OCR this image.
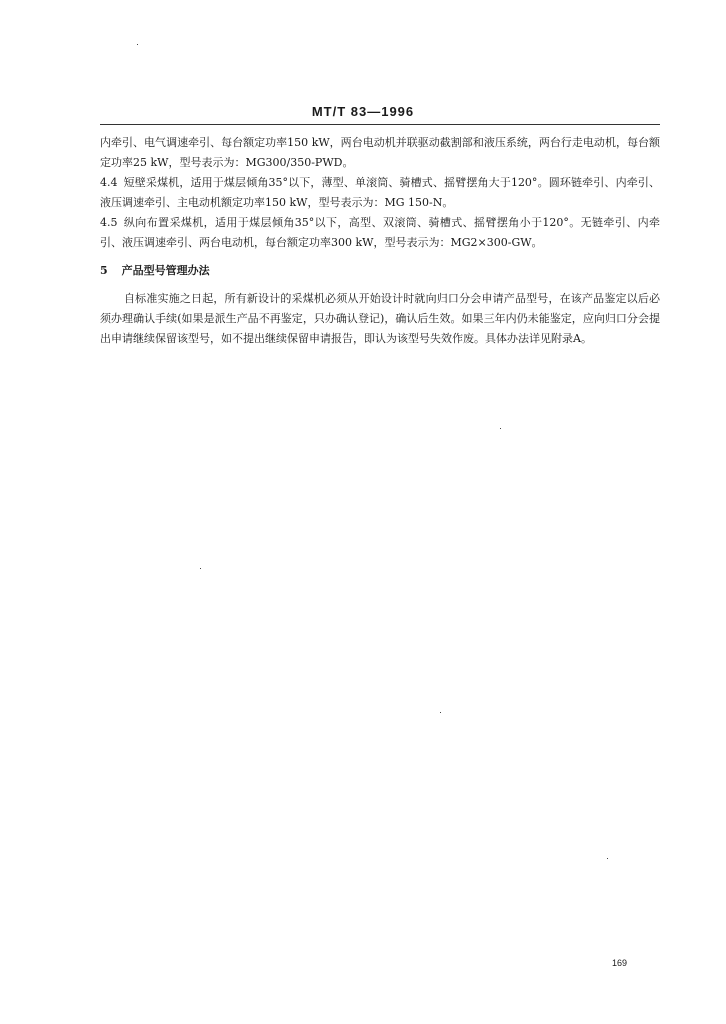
MT/T 83—1996

内牵引、电气调速牵引、每台额定功率150 kW，两台电动机并联驱动截割部和液压系统，两台行走电动机，每台额定功率25 kW，型号表示为：MG300/350-PWD。

4.4 短壁采煤机，适用于煤层倾角35°以下，薄型、单滚筒、骑槽式、摇臂摆角大于120°。圆环链牵引、内牵引、液压调速牵引、主电动机额定功率150 kW，型号表示为：MG 150-N。

4.5 纵向布置采煤机，适用于煤层倾角35°以下，高型、双滚筒、骑槽式、摇臂摆角小于120°。无链牵引、内牵引、液压调速牵引、两台电动机，每台额定功率300 kW，型号表示为：MG2×300-GW。

5 产品型号管理办法

自标准实施之日起，所有新设计的采煤机必须从开始设计时就向归口分会申请产品型号，在该产品鉴定以后必须办理确认手续(如果是派生产品不再鉴定，只办确认登记)，确认后生效。如果三年内仍未能鉴定，应向归口分会提出申请继续保留该型号，如不提出继续保留申请报告，即认为该型号失效作废。具体办法详见附录A。

169
